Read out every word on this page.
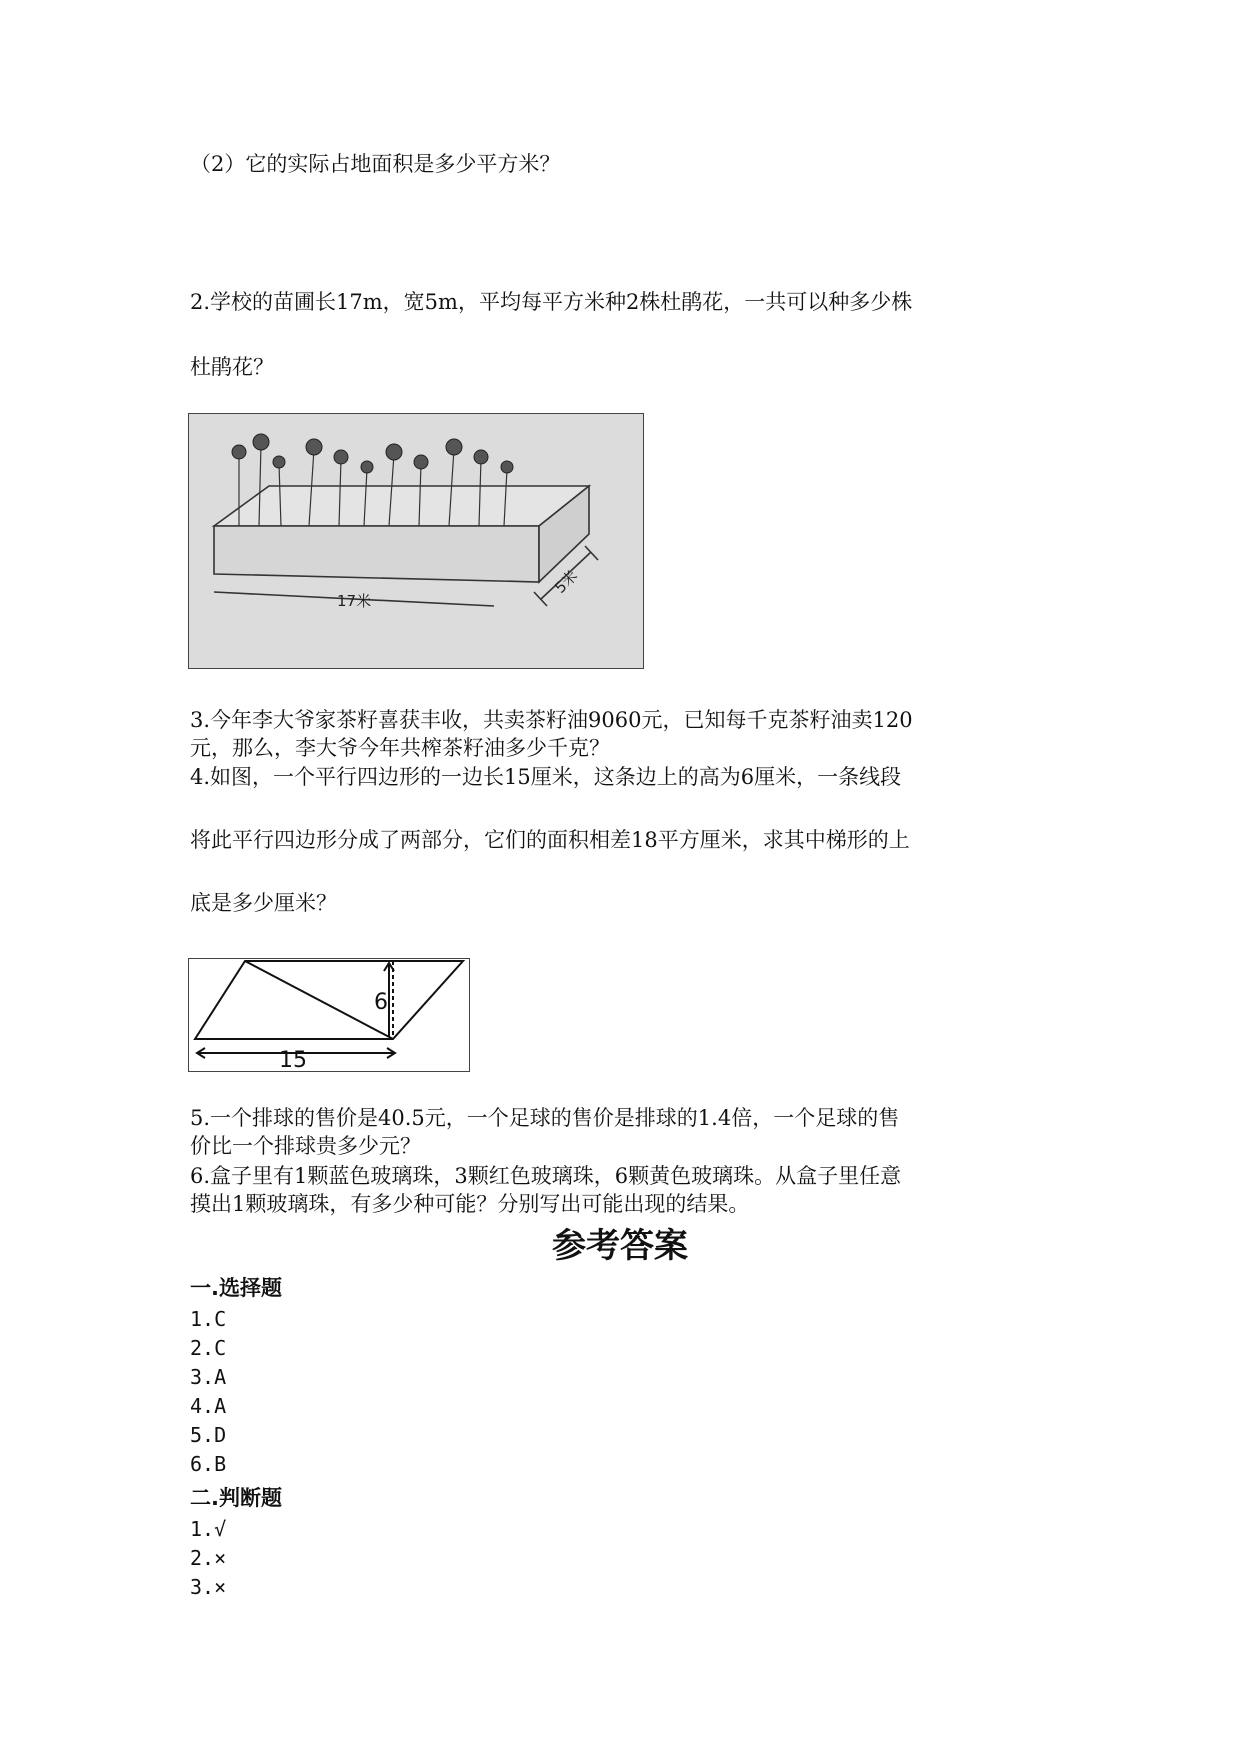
（2）它的实际占地面积是多少平方米？
2.学校的苗圃长17m，宽5m，平均每平方米种2株杜鹃花，一共可以种多少株
杜鹃花？
17米
5米
3.今年李大爷家茶籽喜获丰收，共卖茶籽油9060元，已知每千克茶籽油卖120
元，那么，李大爷今年共榨茶籽油多少千克？
4.如图，一个平行四边形的一边长15厘米，这条边上的高为6厘米，一条线段
将此平行四边形分成了两部分，它们的面积相差18平方厘米，求其中梯形的上
底是多少厘米？
6
15
5.一个排球的售价是40.5元，一个足球的售价是排球的1.4倍，一个足球的售
价比一个排球贵多少元？
6.盒子里有1颗蓝色玻璃珠，3颗红色玻璃珠，6颗黄色玻璃珠。从盒子里任意
摸出1颗玻璃珠，有多少种可能？分别写出可能出现的结果。
参考答案
一.选择题
1.C
2.C
3.A
4.A
5.D
6.B
二.判断题
1.√
2.×
3.×
